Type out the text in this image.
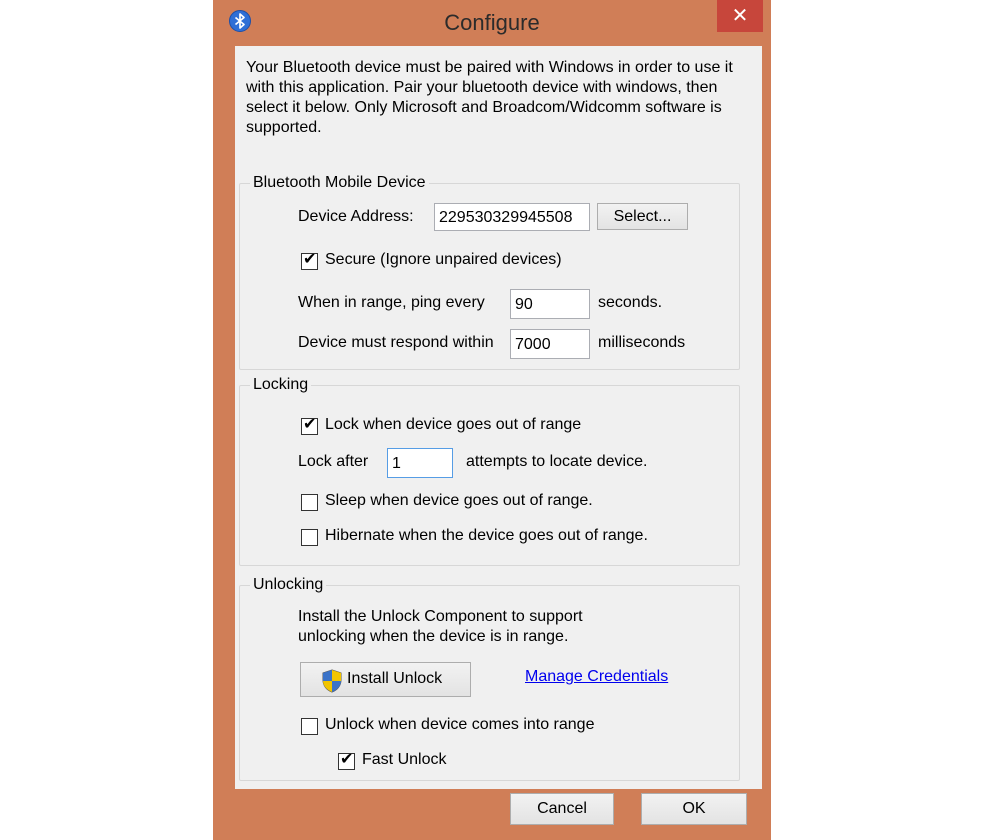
Configure	✕

Your Bluetooth device must be paired with Windows in order to use it with this application. Pair your bluetooth device with windows, then select it below. Only Microsoft and Broadcom/Widcomm software is supported.

Bluetooth Mobile Device
Device Address:	229530329945508	Select...
✔ Secure (Ignore unpaired devices)
When in range, ping every	90	seconds.
Device must respond within	7000	milliseconds
Locking
✔ Lock when device goes out of range
Lock after	1	attempts to locate device.
Sleep when device goes out of range.
Hibernate when the device goes out of range.
Unlocking
Install the Unlock Component to support unlocking when the device is in range.
Install Unlock	Manage Credentials
Unlock when device comes into range
✔ Fast Unlock
Cancel	OK
